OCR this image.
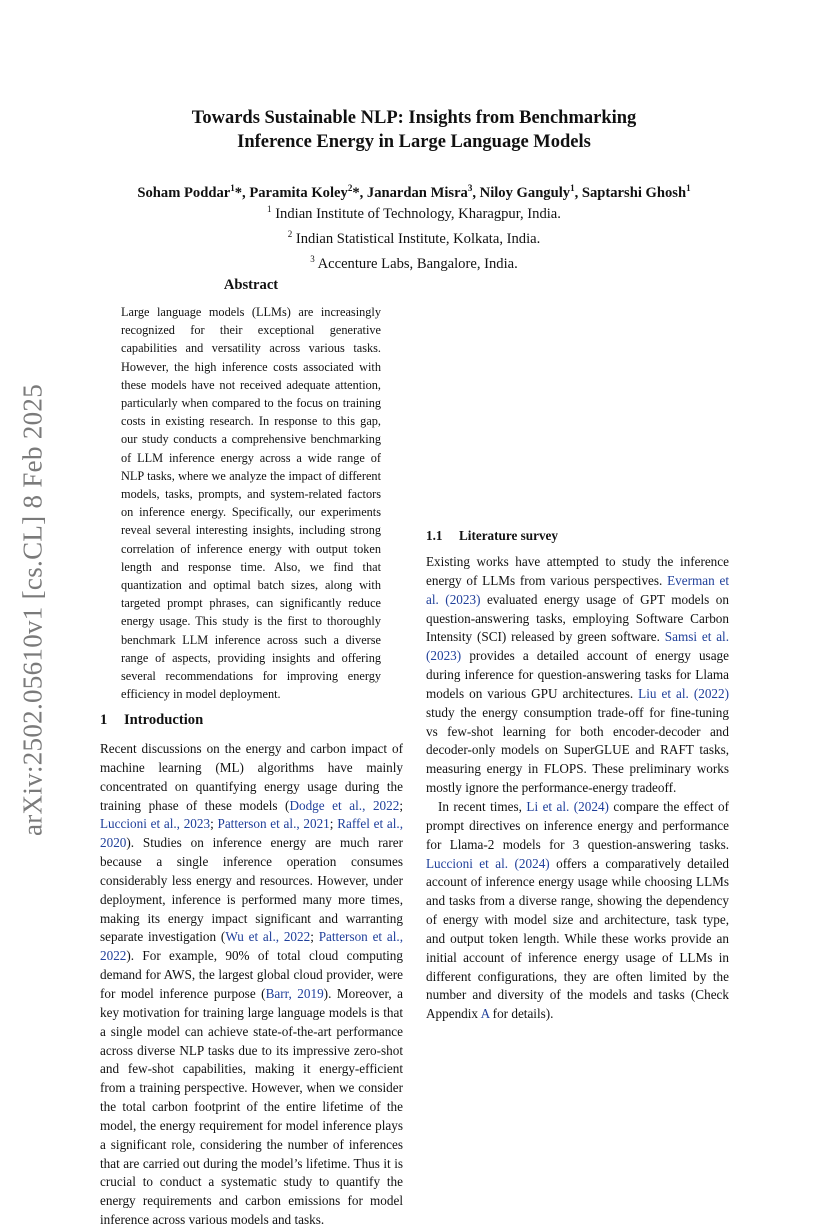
arXiv:2502.05610v1 [cs.CL] 8 Feb 2025
Towards Sustainable NLP: Insights from Benchmarking
Inference Energy in Large Language Models
Soham Poddar$^1$*, Paramita Koley$^2$*, Janardan Misra$^3$, Niloy Ganguly$^1$, Saptarshi Ghosh$^1$
$^1$ Indian Institute of Technology, Kharagpur, India.
$^2$ Indian Statistical Institute, Kolkata, India.
$^3$ Accenture Labs, Bangalore, India.
Abstract
Large language models (LLMs) are increasingly recognized for their exceptional generative capabilities and versatility across various tasks. However, the high inference costs associated with these models have not received adequate attention, particularly when compared to the focus on training costs in existing research. In response to this gap, our study conducts a comprehensive benchmarking of LLM inference energy across a wide range of NLP tasks, where we analyze the impact of different models, tasks, prompts, and system-related factors on inference energy. Specifically, our experiments reveal several interesting insights, including strong correlation of inference energy with output token length and response time. Also, we find that quantization and optimal batch sizes, along with targeted prompt phrases, can significantly reduce energy usage. This study is the first to thoroughly benchmark LLM inference across such a diverse range of aspects, providing insights and offering several recommendations for improving energy efficiency in model deployment.
1 Introduction

Recent discussions on the energy and carbon impact of machine learning (ML) algorithms have mainly concentrated on quantifying energy usage during the training phase of these models (Dodge et al., 2022; Luccioni et al., 2023; Patterson et al., 2021; Raffel et al., 2020). Studies on inference energy are much rarer because a single inference operation consumes considerably less energy and resources. However, under deployment, inference is performed many more times, making its energy impact significant and warranting separate investigation (Wu et al., 2022; Patterson et al., 2022). For example, 90% of total cloud computing demand for AWS, the largest global cloud provider, were for model inference purpose (Barr, 2019). Moreover, a key motivation for training large language models is that a single model can achieve state-of-the-art performance across diverse NLP tasks due to its impressive zero-shot and few-shot capabilities, making it energy-efficient from a training perspective. However, when we consider the total carbon footprint of the entire lifetime of the model, the energy requirement for model inference plays a significant role, considering the number of inferences that are carried out during the model’s lifetime. Thus it is crucial to conduct a systematic study to quantify the energy requirements and carbon emissions for model inference across various models and tasks.

1.1 Literature survey

Existing works have attempted to study the inference energy of LLMs from various perspectives. Everman et al. (2023) evaluated energy usage of GPT models on question-answering tasks, employing Software Carbon Intensity (SCI) released by green software. Samsi et al. (2023) provides a detailed account of energy usage during inference for question-answering tasks for Llama models on various GPU architectures. Liu et al. (2022) study the energy consumption trade-off for fine-tuning vs few-shot learning for both encoder-decoder and decoder-only models on SuperGLUE and RAFT tasks, measuring energy in FLOPS. These preliminary works mostly ignore the performance-energy tradeoff.

In recent times, Li et al. (2024) compare the effect of prompt directives on inference energy and performance for Llama-2 models for 3 question-answering tasks. Luccioni et al. (2024) offers a comparatively detailed account of inference energy usage while choosing LLMs and tasks from a diverse range, showing the dependency of energy with model size and architecture, task type, and output token length. While these works provide an initial account of inference energy usage of LLMs in different configurations, they are often limited by the number and diversity of the models and tasks (Check Appendix A for details).
